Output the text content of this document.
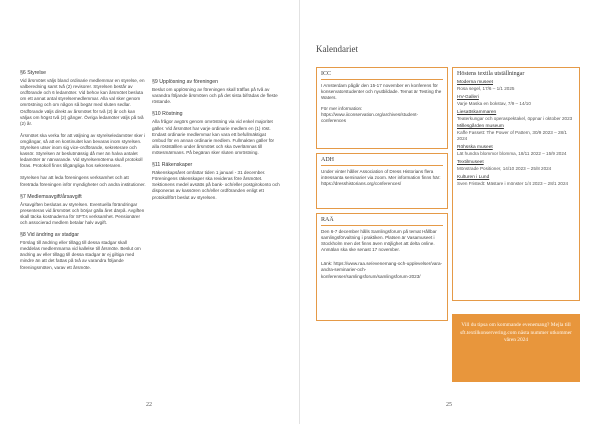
§6 Styrelse

Vid årsmötet väljs bland ordinarie medlemmar en styrelse, en valberedning samt två (2) revisorer. Styrelsen består av ordförande och 6 ledamöter. Vid behov kan årsmötet besluta om ett annat antal styrelsemedlemmar. Alla val sker genom omröstning och om någon så begär med sluten sedlar. Ordförande väljs direkt av årsmötet för två (2) år och kan väljas om högst två (2) gånger. Övriga ledamöter väljs på två (2) år.

Årsmötet ska verka för att väljning av styrelseledamöter sker i omgångar, så att en kontinuitet kan bevaras inom styrelsen. Styrelsen utser inom sig vice-ordförande, sekreterare och kassör. Styrelsen är beslutmässig då mer än halva antalet ledamöter är närvarande. Vid styrelsemöterna skall protokoll föras. Protokoll finns tillgängliga hos sekreteraren.

Styrelsen har att leda föreningens verksamhet och att företräda föreningen inför myndigheter och andra institutioner.

§7 Medlemsavgift/årsavgift

Årsavgiften beslutas av styrelsen. Eventuella förändringar presenteras vid årsmötet och börjar gälla året därpå. Avgiften skall täcka kostnaderna för SFT:s verksamhet. Pensionärer och associerad medlem betalar halv avgift.

§8 Vid ändring av stadgar

Förslag till ändring eller tillägg till dessa stadgar skall meddelas medlemmarna vid kallelse till årsmöte. Beslut om ändring av eller tillägg till dessa stadgar är ej giltiga med mindre än att det fattas på två av varandra följande föreningsmöten, varav ett årsmöte.

§9 Upplösning av föreningen

Beslut om upplösning av föreningen skall träffas på två av varandra följande årsmöten och på det sista bifrädas de fleste röstande.

§10 Röstning

Alla frågor avgörs genom omröstning via vid enkel majoritet gäller. Vid årsmötet har varje ordinarie medlem en (1) röst. Endast ordinarie medlemmar kan vara ett befullmäktigat ombud för en annan ordinarie medlem. Fullmakten gäller för alla röstställlen under årsmötet och ska överlämnas till mötesmärmans. På begäran sker sluten omröstning.

§11 Räkenskaper

Räkenskapsåret omfattar tiden 1 januari - 31 december. Föreningens räkenskaper ska revideras före årsmötet. Sektionens medel avsätts på bank- och/eller postgirokonto och disponeras av kassören och/eller ordföranden enligt ett protokollfört beslut av styrelsen.

22	25
Kalendariet
ICC

I Amsterdam pågår den 15-17 november en konferens för konservatorstudenter och nyutbildade. Temat är Testing the Waters.

För mer information: https://www.iiconservation.org/archives/student-conferences

ADH

Under vinter håller Association of Dress Historians flera intressanta seminarier via zoom. Mer information finns här: https://dresshistorians.org/conferences/

RAÄ

Den 6-7 december hålls Samlingsforum på temat Hållbar samlingsförvaltning i praktiken. Platsen är Vasamuseet i Stockholm men det finns även möjlighet att delta online. Anmälan ska ske senast 17 november.

Länk: https://www.raa.se/evenemang-och-upplevelser/vara-andra-seminarier-och-konferenser/samlingsforum/samlingsforum-2023/

Höstens textila utställningar
Moderna museet
Rosa segel, 17/6 – 1/1 2025
HV-Galleri
Varje Maska en bokstav, 7/9 – 14/10
Liesattskammaren
Teaterkungar och operaspektakel, öppnar i oktober 2023
Millesgården museum
Kaffe Fassett: The Power of Pattern, 30/9 2023 – 28/1 2024
Röhsska museet
Lät hundra blommor blomma, 18/11 2022 – 15/9 2024
Textilmuseet
Mönstrade Positioner, 14/10 2023 – 25/8 2024
Kulturen i Lund
Sven Fristedt: Mästare i mönster 1/4 2023 – 28/1 2024

Vill du tipsa om kommande evenemang? Mejla till sft.textilkonservering.com nästa nummer utkommer våren 2024
